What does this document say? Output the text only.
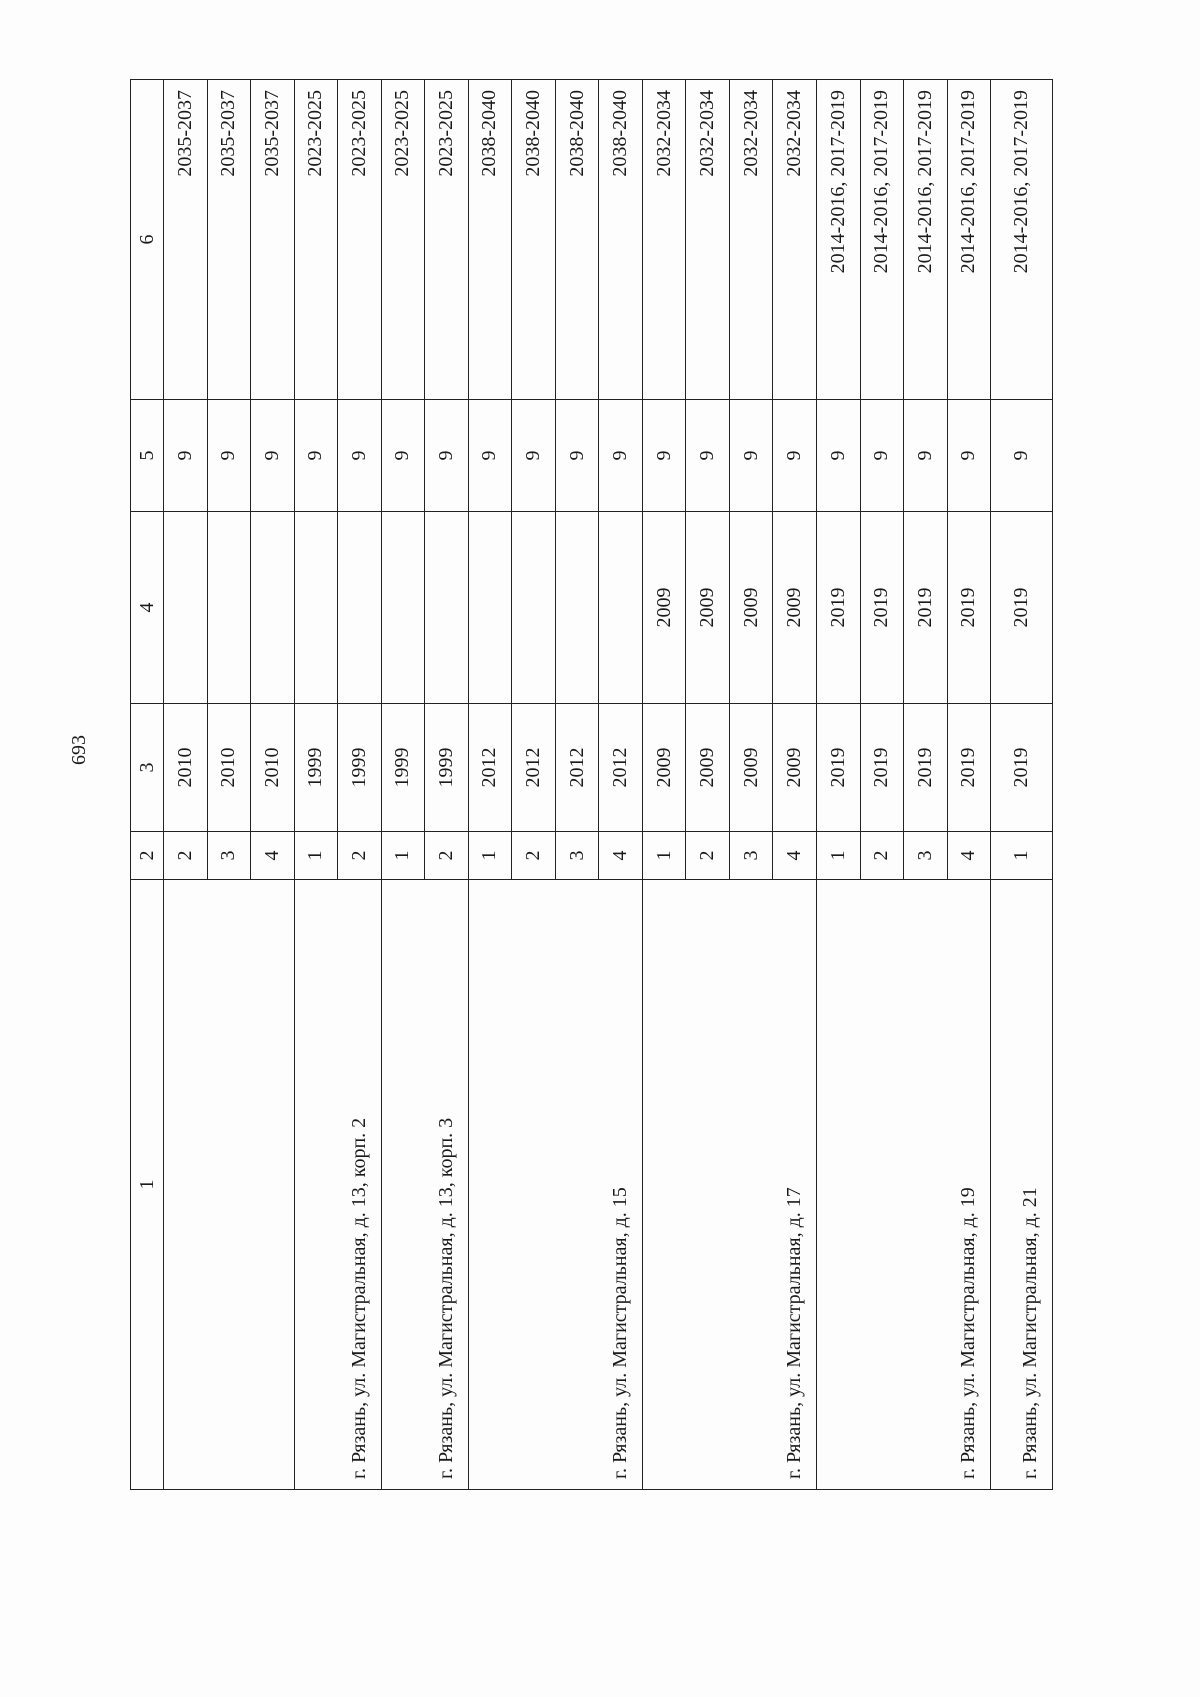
693
1	2	3	4	5	6
	2	2010		9	2035-2037
	3	2010		9	2035-2037
	4	2010		9	2035-2037
г. Рязань, ул. Магистральная, д. 13, корп. 2	1	1999		9	2023-2025
	2	1999		9	2023-2025
г. Рязань, ул. Магистральная, д. 13, корп. 3	1	1999		9	2023-2025
	2	1999		9	2023-2025
г. Рязань, ул. Магистральная, д. 15	1	2012		9	2038-2040
	2	2012		9	2038-2040
	3	2012		9	2038-2040
	4	2012		9	2038-2040
г. Рязань, ул. Магистральная, д. 17	1	2009	2009	9	2032-2034
	2	2009	2009	9	2032-2034
	3	2009	2009	9	2032-2034
	4	2009	2009	9	2032-2034
г. Рязань, ул. Магистральная, д. 19	1	2019	2019	9	2014-2016, 2017-2019
	2	2019	2019	9	2014-2016, 2017-2019
	3	2019	2019	9	2014-2016, 2017-2019
	4	2019	2019	9	2014-2016, 2017-2019
г. Рязань, ул. Магистральная, д. 21	1	2019	2019	9	2014-2016, 2017-2019
